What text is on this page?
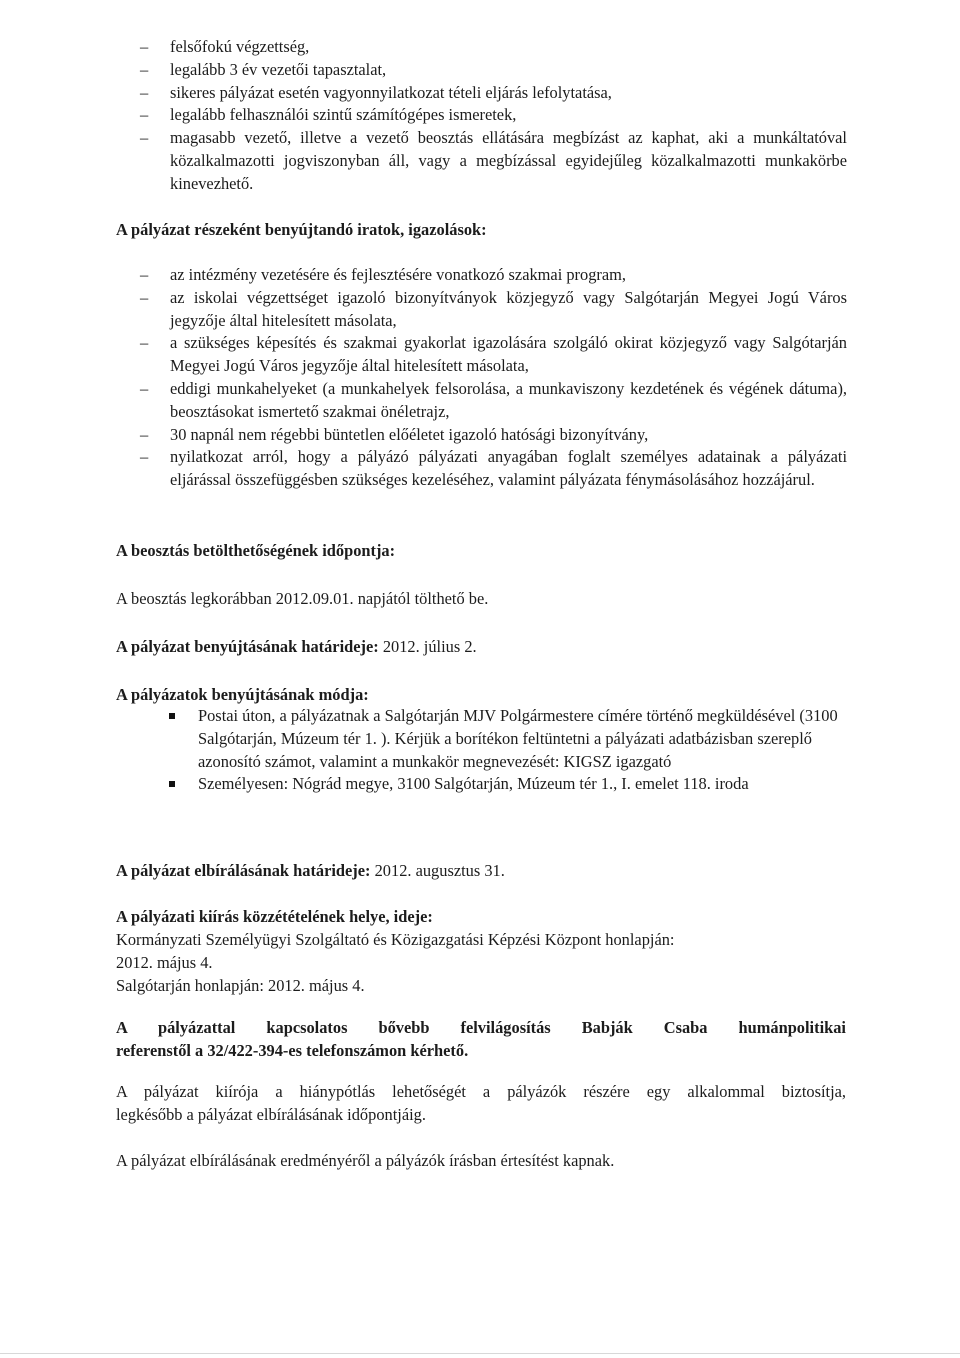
– felsőfokú végzettség,
– legalább 3 év vezetői tapasztalat,
– sikeres pályázat esetén vagyonnyilatkozat tételi eljárás lefolytatása,
– legalább felhasználói szintű számítógépes ismeretek,
– magasabb vezető, illetve a vezető beosztás ellátására megbízást az kaphat, aki a munkáltatóval közalkalmazotti jogviszonyban áll, vagy a megbízással egyidejűleg közalkalmazotti munkakörbe kinevezhető.
A pályázat részeként benyújtandó iratok, igazolások:
– az intézmény vezetésére és fejlesztésére vonatkozó szakmai program,
– az iskolai végzettséget igazoló bizonyítványok közjegyző vagy Salgótarján Megyei Jogú Város jegyzője által hitelesített másolata,
– a szükséges képesítés és szakmai gyakorlat igazolására szolgáló okirat közjegyző vagy Salgótarján Megyei Jogú Város jegyzője által hitelesített másolata,
– eddigi munkahelyeket (a munkahelyek felsorolása, a munkaviszony kezdetének és végének dátuma), beosztásokat ismertető szakmai önéletrajz,
– 30 napnál nem régebbi büntetlen előéletet igazoló hatósági bizonyítvány,
– nyilatkozat arról, hogy a pályázó pályázati anyagában foglalt személyes adatainak a pályázati eljárással összefüggésben szükséges kezeléséhez, valamint pályázata fénymásolásához hozzájárul.
A beosztás betölthetőségének időpontja:
A beosztás legkorábban 2012.09.01. napjától tölthető be.
A pályázat benyújtásának határideje: 2012. július 2.
A pályázatok benyújtásának módja:
Postai úton, a pályázatnak a Salgótarján MJV Polgármestere címére történő megküldésével (3100 Salgótarján, Múzeum tér 1. ). Kérjük a borítékon feltüntetni a pályázati adatbázisban szereplő azonosító számot, valamint a munkakör megnevezését: KIGSZ igazgató
Személyesen: Nógrád megye, 3100 Salgótarján, Múzeum tér 1., I. emelet 118. iroda
A pályázat elbírálásának határideje: 2012. augusztus 31.
A pályázati kiírás közzétételének helye, ideje:
Kormányzati Személyügyi Szolgáltató és Közigazgatási Képzési Központ honlapján:
2012. május 4.
Salgótarján honlapján: 2012. május 4.
A pályázattal kapcsolatos bővebb felvilágosítás Babják Csaba humánpolitikai
referenstől a 32/422-394-es telefonszámon kérhető.
A pályázat kiírója a hiánypótlás lehetőségét a pályázók részére egy alkalommal biztosítja,
legkésőbb a pályázat elbírálásának időpontjáig.
A pályázat elbírálásának eredményéről a pályázók írásban értesítést kapnak.
